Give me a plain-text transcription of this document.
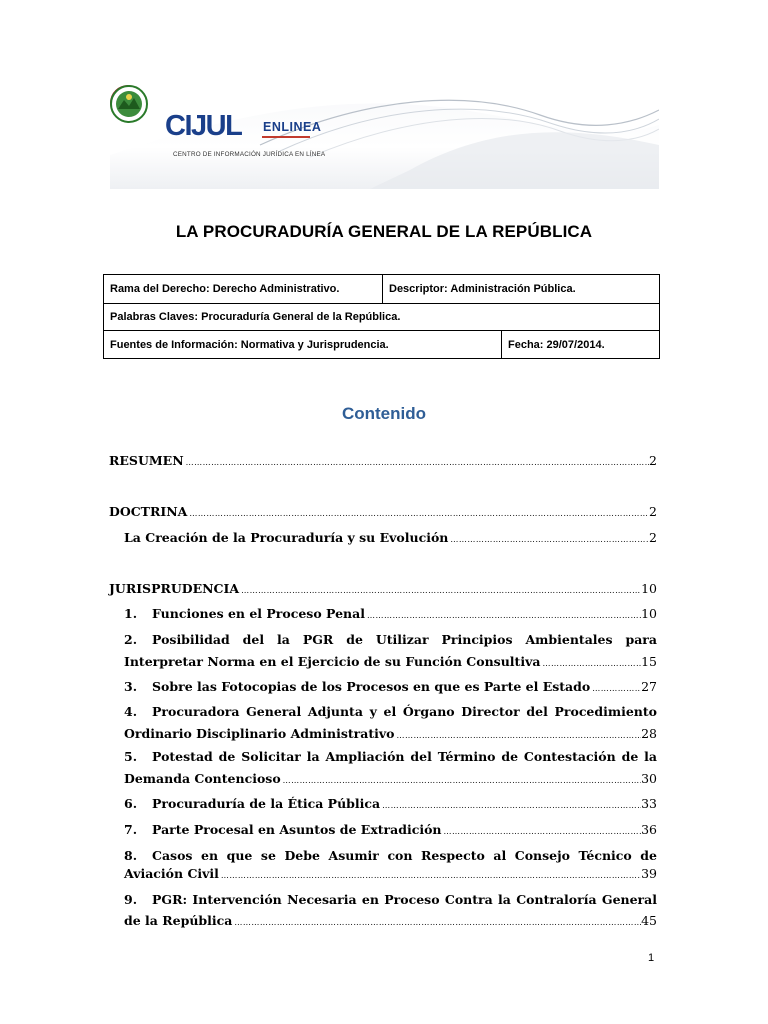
CIJUL ENLINEA
CENTRO DE INFORMACIÓN JURÍDICA EN LÍNEA
LA PROCURADURÍA GENERAL DE LA REPÚBLICA
Rama del Derecho: Derecho Administrativo.	Descriptor: Administración Pública.
Palabras Claves: Procuraduría General de la República.
Fuentes de Información: Normativa y Jurisprudencia.	Fecha: 29/07/2014.
Contenido
RESUMEN ………………………………………………………………………………………………………………………………………………………………………………………………………………………………………	2
DOCTRINA ………………………………………………………………………………………………………………………………………………………………………………………………………………………………………	2
La Creación de la Procuraduría y su Evolución ………………………………………………………………………………………………………………………………………………………………………………………………………………………………………	2
JURISPRUDENCIA ………………………………………………………………………………………………………………………………………………………………………………………………………………………………………	10
1. Funciones en el Proceso Penal ………………………………………………………………………………………………………………………………………………………………………………………………………………………………………	10
2. Posibilidad del la PGR de Utilizar Principios Ambientales para
Interpretar Norma en el Ejercicio de su Función Consultiva ………………………………………………………………………………………………………………………………………………………………………………………………………………………………………	15
3. Sobre las Fotocopias de los Procesos en que es Parte el Estado ………………………………………………………………………………………………………………………………………………………………………………………………………………………………………	27
4. Procuradora General Adjunta y el Órgano Director del Procedimiento
Ordinario Disciplinario Administrativo ………………………………………………………………………………………………………………………………………………………………………………………………………………………………………	28
5. Potestad de Solicitar la Ampliación del Término de Contestación de la
Demanda Contencioso ………………………………………………………………………………………………………………………………………………………………………………………………………………………………………	30
6. Procuraduría de la Ética Pública ………………………………………………………………………………………………………………………………………………………………………………………………………………………………………	33
7. Parte Procesal en Asuntos de Extradición ………………………………………………………………………………………………………………………………………………………………………………………………………………………………………	36
8. Casos en que se Debe Asumir con Respecto al Consejo Técnico de
Aviación Civil ………………………………………………………………………………………………………………………………………………………………………………………………………………………………………	39
9. PGR: Intervención Necesaria en Proceso Contra la Contraloría General
de la República ………………………………………………………………………………………………………………………………………………………………………………………………………………………………………	45
1
